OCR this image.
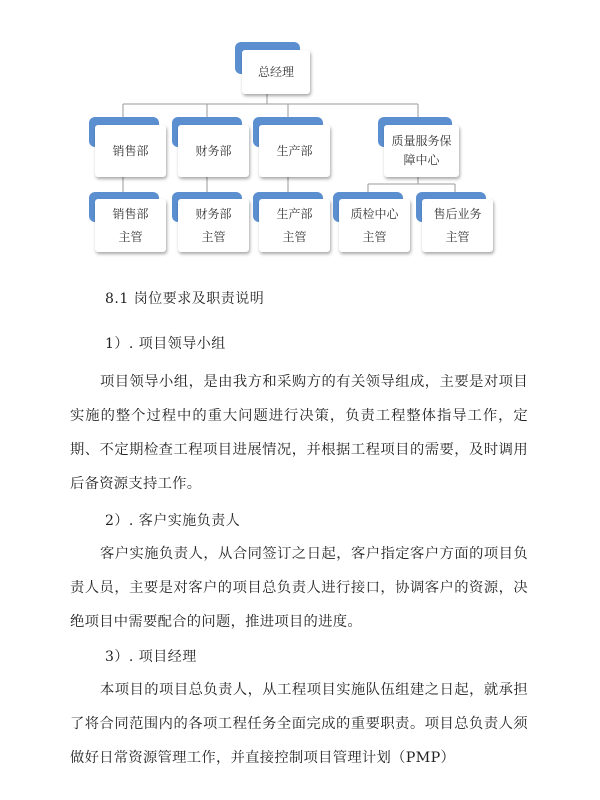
总经理
销售部	财务部	生产部
质量服务保
障中心
销售部
主管
财务部
主管
生产部
主管
质检中心
主管
售后业务
主管
8.1 岗位要求及职责说明
1）. 项目领导小组
项目领导小组，是由我方和采购方的有关领导组成，主要是对项目实施的整个过程中的重大问题进行决策，负责工程整体指导工作，定期、不定期检查工程项目进展情况，并根据工程项目的需要，及时调用后备资源支持工作。
2）. 客户实施负责人
客户实施负责人，从合同签订之日起，客户指定客户方面的项目负责人员，主要是对客户的项目总负责人进行接口，协调客户的资源，决绝项目中需要配合的问题，推进项目的进度。
3）. 项目经理
本项目的项目总负责人，从工程项目实施队伍组建之日起，就承担了将合同范围内的各项工程任务全面完成的重要职责。项目总负责人须做好日常资源管理工作，并直接控制项目管理计划（PMP）
